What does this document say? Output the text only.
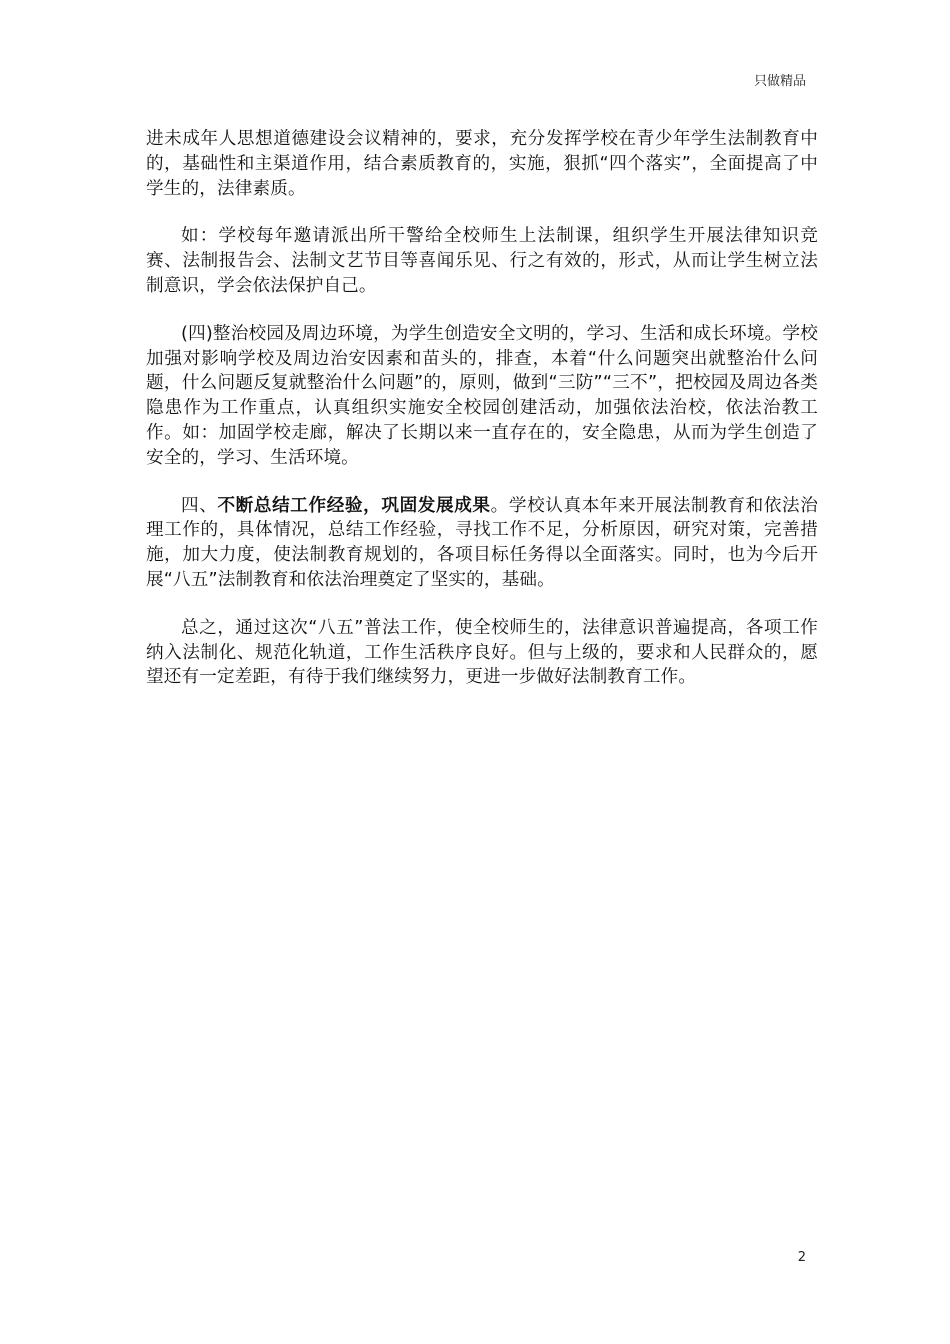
只做精品

进未成年人思想道德建设会议精神的，要求，充分发挥学校在青少年学生法制教育中的，基础性和主渠道作用，结合素质教育的，实施，狠抓“四个落实”，全面提高了中学生的，法律素质。

如：学校每年邀请派出所干警给全校师生上法制课，组织学生开展法律知识竞赛、法制报告会、法制文艺节目等喜闻乐见、行之有效的，形式，从而让学生树立法制意识，学会依法保护自己。

(四)整治校园及周边环境，为学生创造安全文明的，学习、生活和成长环境。学校加强对影响学校及周边治安因素和苗头的，排查，本着“什么问题突出就整治什么问题，什么问题反复就整治什么问题”的，原则，做到“三防”“三不”，把校园及周边各类隐患作为工作重点，认真组织实施安全校园创建活动，加强依法治校，依法治教工作。如：加固学校走廊，解决了长期以来一直存在的，安全隐患，从而为学生创造了安全的，学习、生活环境。

四、不断总结工作经验，巩固发展成果。学校认真本年来开展法制教育和依法治理工作的，具体情况，总结工作经验，寻找工作不足，分析原因，研究对策，完善措施，加大力度，使法制教育规划的，各项目标任务得以全面落实。同时，也为今后开展“八五”法制教育和依法治理奠定了坚实的，基础。

总之，通过这次“八五”普法工作，使全校师生的，法律意识普遍提高，各项工作纳入法制化、规范化轨道，工作生活秩序良好。但与上级的，要求和人民群众的，愿望还有一定差距，有待于我们继续努力，更进一步做好法制教育工作。

2
